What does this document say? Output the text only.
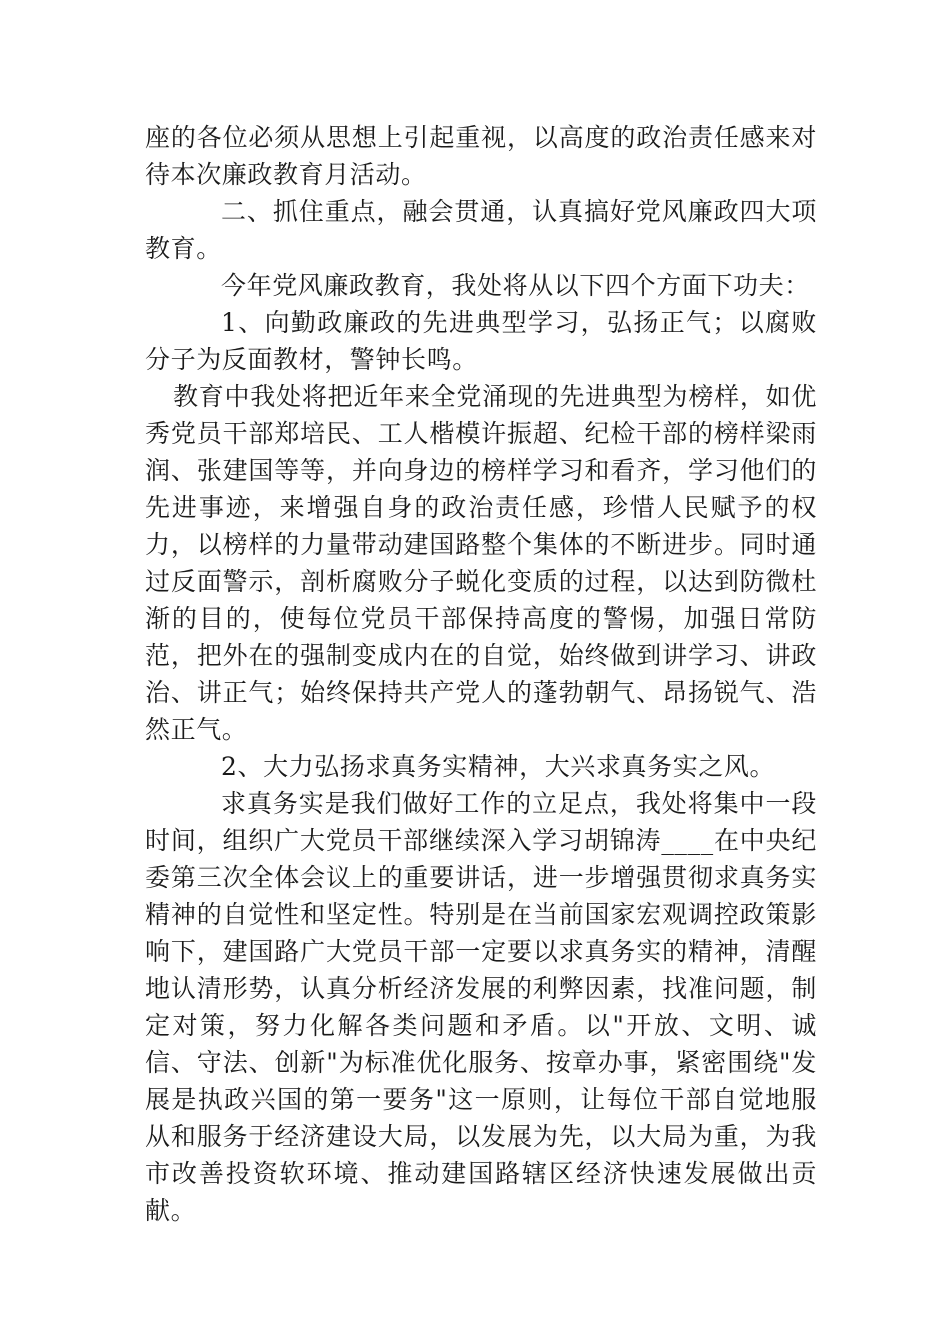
座的各位必须从思想上引起重视，以高度的政治责任感来对待本次廉政教育月活动。

二、抓住重点，融会贯通，认真搞好党风廉政四大项教育。

今年党风廉政教育，我处将从以下四个方面下功夫：

1、向勤政廉政的先进典型学习，弘扬正气；以腐败分子为反面教材，警钟长鸣。

教育中我处将把近年来全党涌现的先进典型为榜样，如优秀党员干部郑培民、工人楷模许振超、纪检干部的榜样梁雨润、张建国等等，并向身边的榜样学习和看齐，学习他们的先进事迹，来增强自身的政治责任感，珍惜人民赋予的权力，以榜样的力量带动建国路整个集体的不断进步。同时通过反面警示，剖析腐败分子蜕化变质的过程，以达到防微杜渐的目的，使每位党员干部保持高度的警惕，加强日常防范，把外在的强制变成内在的自觉，始终做到讲学习、讲政治、讲正气；始终保持共产党人的蓬勃朝气、昂扬锐气、浩然正气。

2、大力弘扬求真务实精神，大兴求真务实之风。

求真务实是我们做好工作的立足点，我处将集中一段时间，组织广大党员干部继续深入学习胡锦涛____在中央纪委第三次全体会议上的重要讲话，进一步增强贯彻求真务实精神的自觉性和坚定性。特别是在当前国家宏观调控政策影响下，建国路广大党员干部一定要以求真务实的精神，清醒地认清形势，认真分析经济发展的利弊因素，找准问题，制定对策，努力化解各类问题和矛盾。以"开放、文明、诚信、守法、创新"为标准优化服务、按章办事，紧密围绕"发展是执政兴国的第一要务"这一原则，让每位干部自觉地服从和服务于经济建设大局，以发展为先，以大局为重，为我市改善投资软环境、推动建国路辖区经济快速发展做出贡献。
